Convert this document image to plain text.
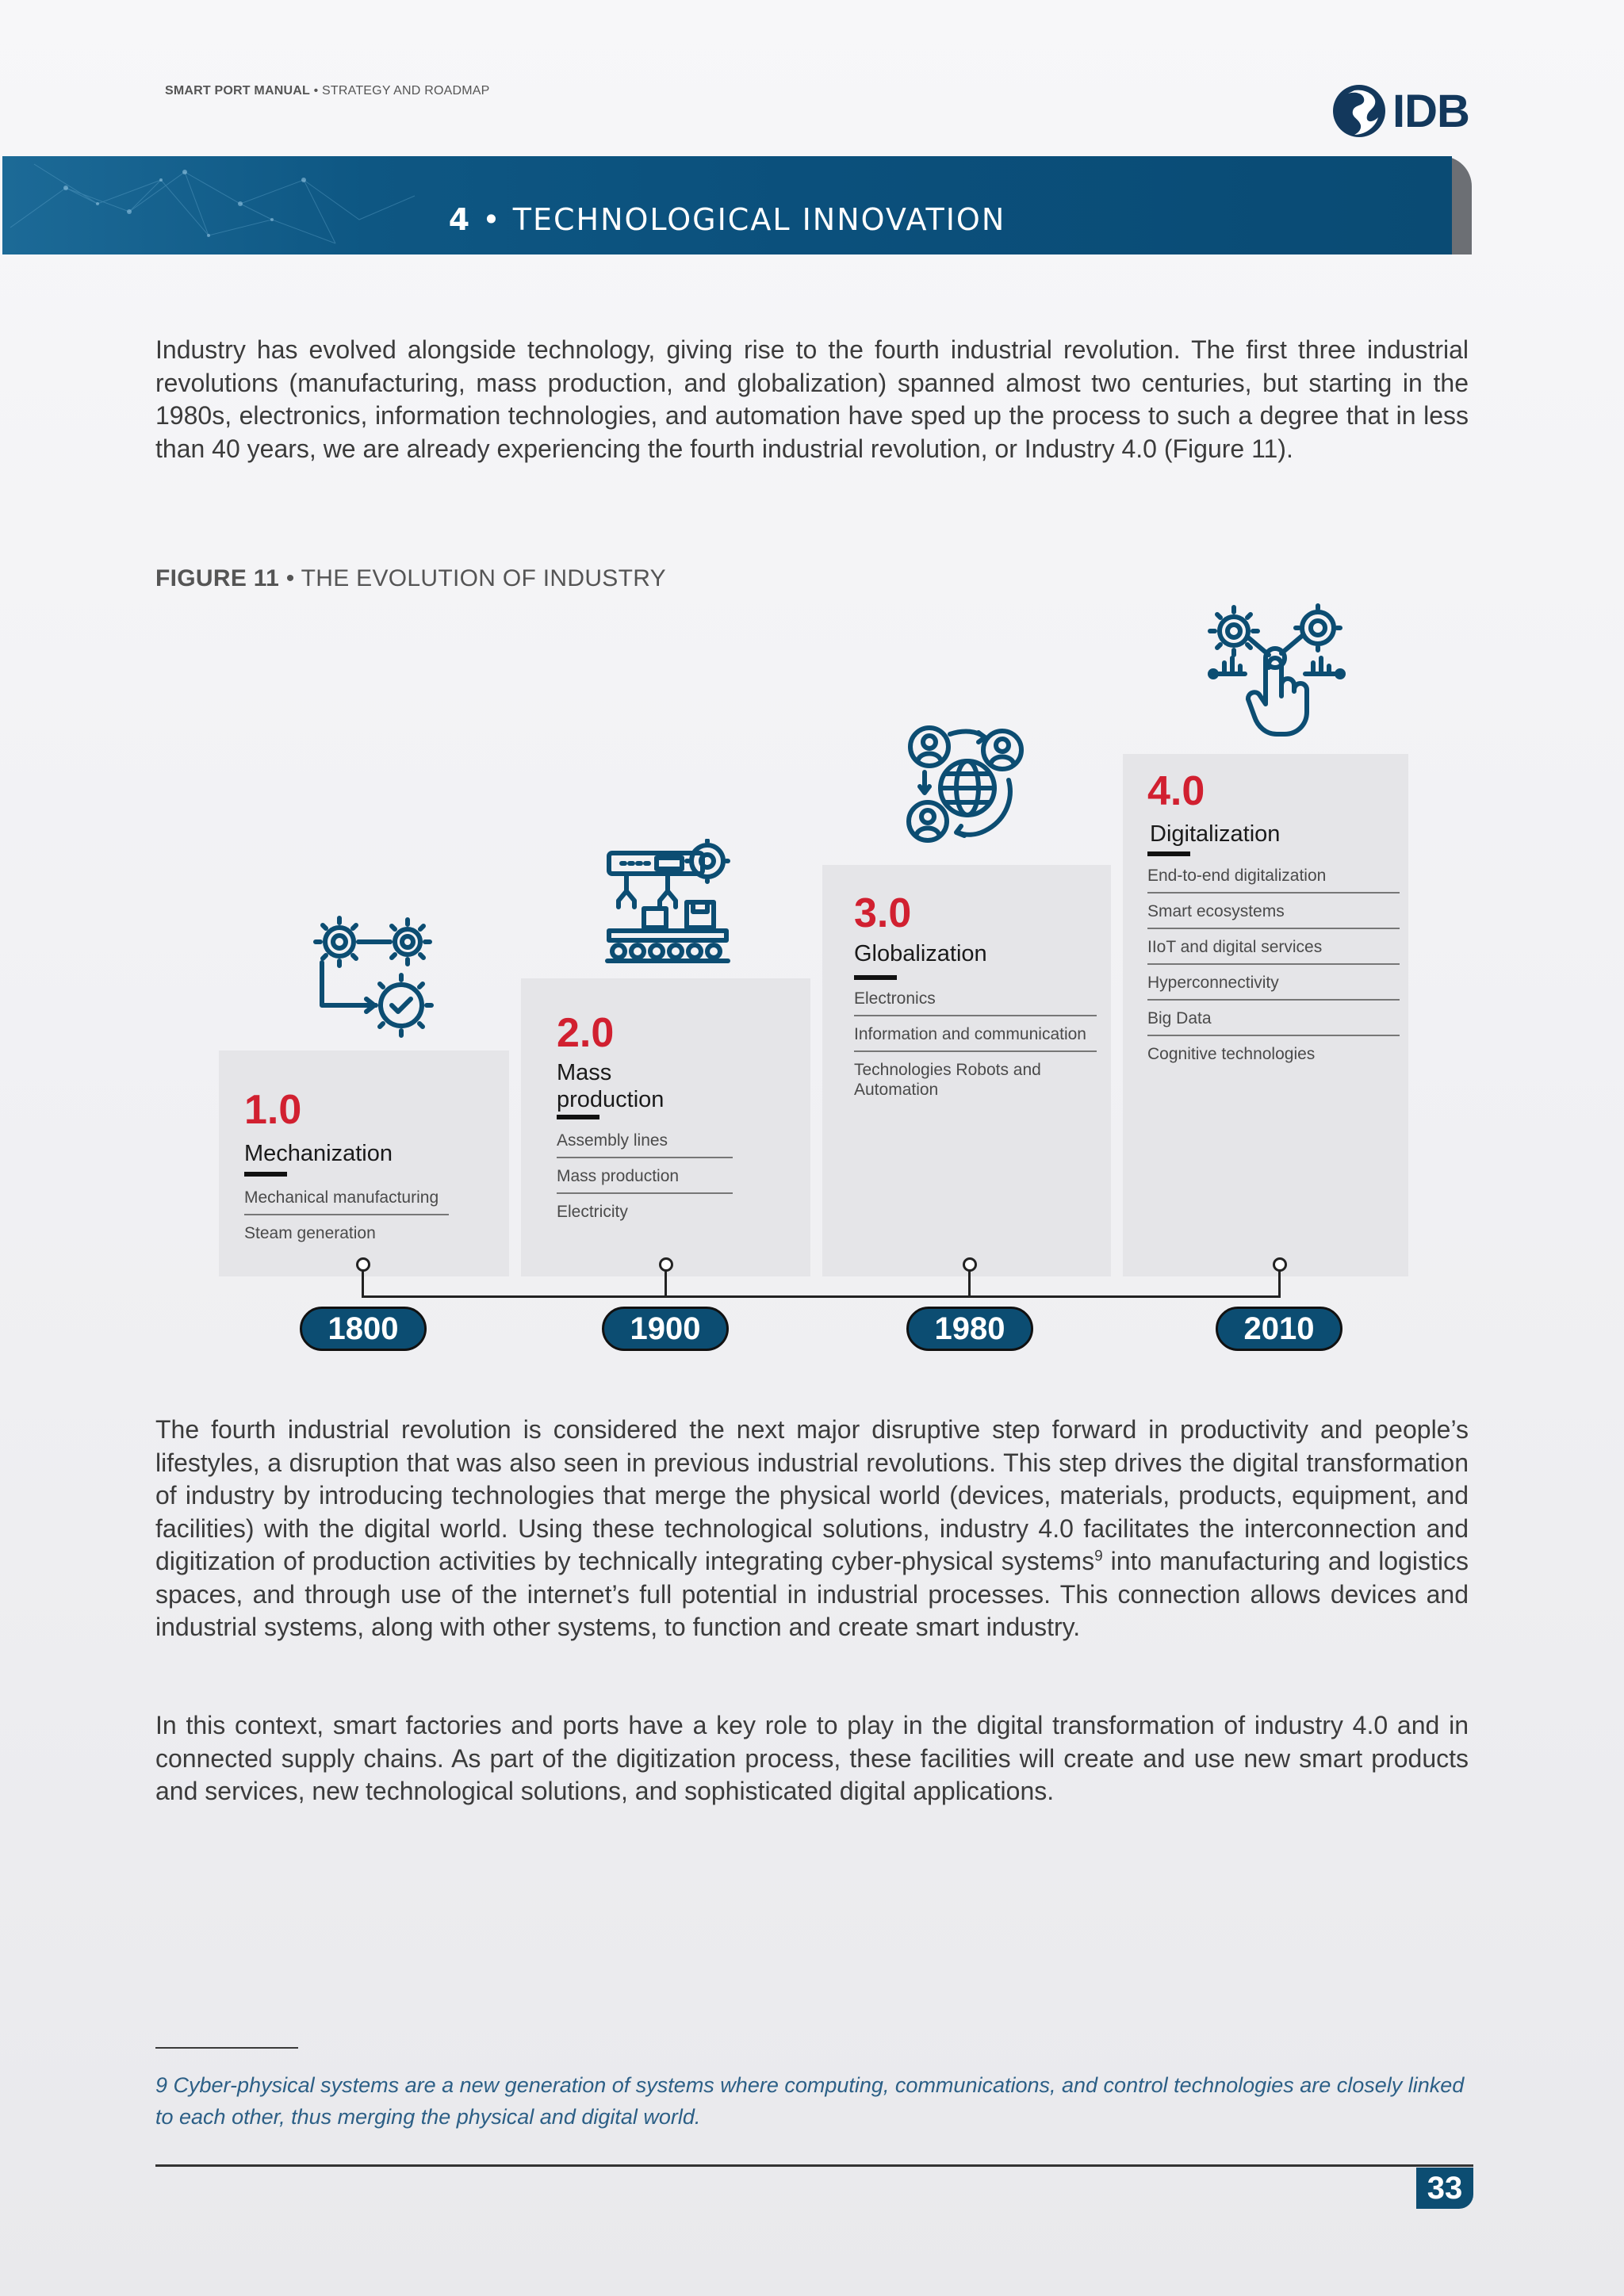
SMART PORT MANUAL • STRATEGY AND ROADMAP	IDB
4 • TECHNOLOGICAL INNOVATION
Industry has evolved alongside technology, giving rise to the fourth industrial revolution. The first three industrial revolutions (manufacturing, mass production, and globalization) spanned almost two centuries, but starting in the 1980s, electronics, information technologies, and automation have sped up the process to such a degree that in less than 40 years, we are already experiencing the fourth industrial revolution, or Industry 4.0 (Figure 11).
FIGURE 11 • THE EVOLUTION OF INDUSTRY
1.0
Mechanization
Mechanical manufacturing
Steam generation
2.0
Mass production
Assembly lines
Mass production
Electricity
3.0
Globalization
Electronics
Information and communication
Technologies Robots and Automation
4.0
Digitalization
End-to-end digitalization
Smart ecosystems
IIoT and digital services
Hyperconnectivity
Big Data
Cognitive technologies
1800	1900	1980	2010
The fourth industrial revolution is considered the next major disruptive step forward in productivity and people’s lifestyles, a disruption that was also seen in previous industrial revolutions. This step drives the digital transformation of industry by introducing technologies that merge the physical world (devices, materials, products, equipment, and facilities) with the digital world. Using these technological solutions, industry 4.0 facilitates the interconnection and digitization of production activities by technically integrating cyber-physical systems$^9$ into manufacturing and logistics spaces, and through use of the internet’s full potential in industrial processes. This connection allows devices and industrial systems, along with other systems, to function and create smart industry.
In this context, smart factories and ports have a key role to play in the digital transformation of industry 4.0 and in connected supply chains. As part of the digitization process, these facilities will create and use new smart products and services, new technological solutions, and sophisticated digital applications.
9 Cyber-physical systems are a new generation of systems where computing, communications, and control technologies are closely linked to each other, thus merging the physical and digital world.
33
